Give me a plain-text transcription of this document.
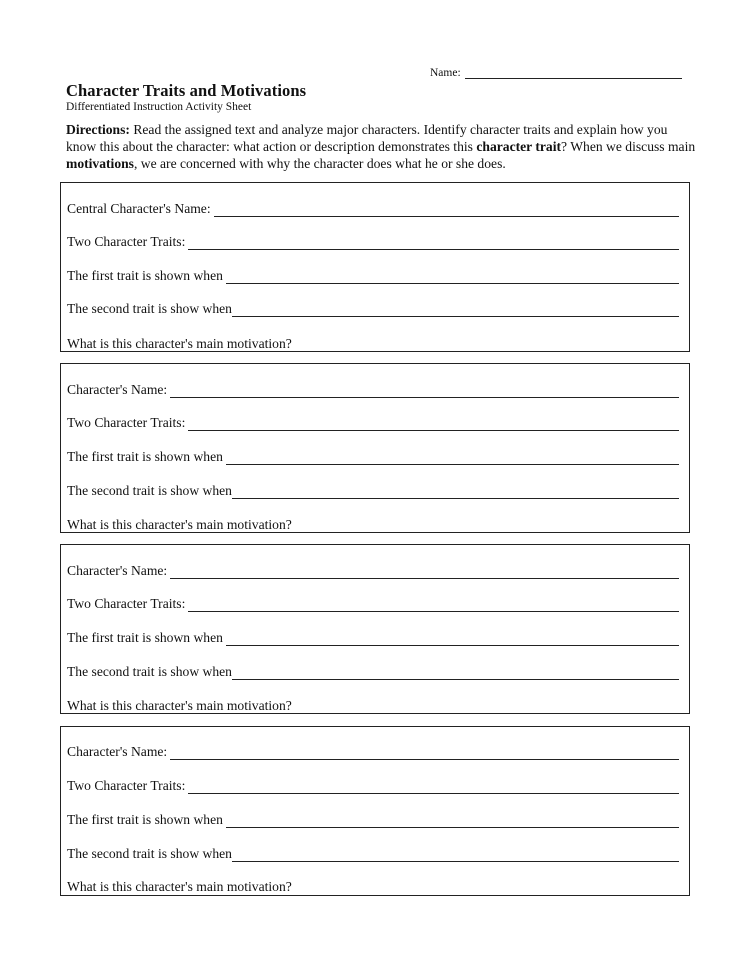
Name:
Character Traits and Motivations
Differentiated Instruction Activity Sheet

Directions: Read the assigned text and analyze major characters. Identify character traits and explain how you know this about the character: what action or description demonstrates this character trait? When we discuss main motivations, we are concerned with why the character does what he or she does.

Central Character's Name:
Two Character Traits:
The first trait is shown when
The second trait is show when
What is this character's main motivation?
Character's Name:
Two Character Traits:
The first trait is shown when
The second trait is show when
What is this character's main motivation?
Character's Name:
Two Character Traits:
The first trait is shown when
The second trait is show when
What is this character's main motivation?
Character's Name:
Two Character Traits:
The first trait is shown when
The second trait is show when
What is this character's main motivation?
